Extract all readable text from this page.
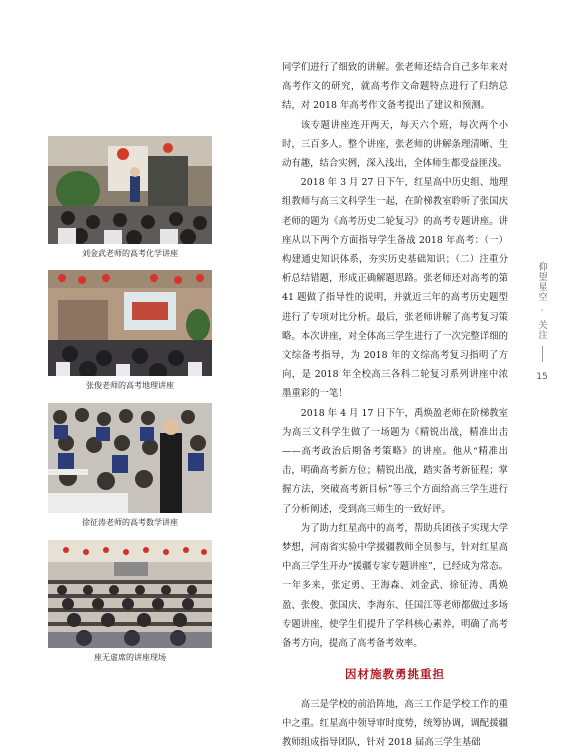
刘金武老师的高考化学讲座
张俊老师的高考地理讲座
徐征涛老师的高考数学讲座
座无虚席的讲座现场

同学们进行了细致的讲解。张老师还结合自己多年来对高考作文的研究，就高考作文命题特点进行了归纳总结，对 2018 年高考作文备考提出了建议和预测。

该专题讲座连开两天，每天六个班，每次两个小时，三百多人。整个讲座，张老师的讲解条理清晰、生动有趣，结合实例，深入浅出，全体师生都受益匪浅。

2018 年 3 月 27 日下午，红星高中历史组、地理组教师与高三文科学生一起，在阶梯教室聆听了张国庆老师的题为《高考历史二轮复习》的高考专题讲座。讲座从以下两个方面指导学生备战 2018 年高考：（一）构建通史知识体系，夯实历史基础知识；（二）注重分析总结错题，形成正确解题思路。张老师还对高考的第 41 题做了指导性的说明，并就近三年的高考历史题型进行了专项对比分析。最后，张老师讲解了高考复习策略。本次讲座，对全体高三学生进行了一次完整详细的文综备考指导，为 2018 年的文综高考复习指明了方向，是 2018 年全校高三各科二轮复习系列讲座中浓墨重彩的一笔！

2018 年 4 月 17 日下午，禹焕盈老师在阶梯教室为高三文科学生做了一场题为《精锐出战，精准出击——高考政治后期备考策略》的讲座。他从“精准出击，明确高考新方位；精锐出战，踏实备考新征程；掌握方法，突破高考新目标”等三个方面给高三学生进行了分析阐述，受到高三师生的一致好评。

为了助力红星高中的高考，帮助兵团孩子实现大学梦想，河南省实验中学援疆教师全员参与，针对红星高中高三学生开办“援疆专家专题讲座”，已经成为常态。一年多来，张定勇、王海森、刘金武、徐征涛、禹焕盈、张俊、张国庆、李海东、任国江等老师都做过多场专题讲座，使学生们提升了学科核心素养，明确了高考备考方向，提高了高考备考效率。

因材施教勇挑重担

高三是学校的前沿阵地，高三工作是学校工作的重中之重。红星高中领导审时度势，统筹协调，调配援疆教师组成指导团队，针对 2018 届高三学生基础

仰望星空
·
关注
15
